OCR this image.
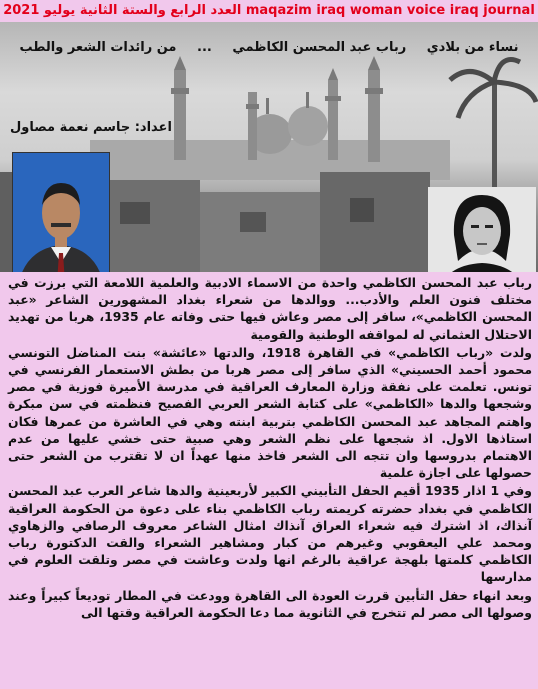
العدد الرابع والستة الثانية يوليو 2021 maqazim iraq woman voice iraq journal
نساء من بلادي رباب عبد المحسن الكاظمي ... من رائدات الشعر والطب
اعداد: جاسم نعمة مصاول

رباب عبد المحسن الكاظمي واحدة من الاسماء الادبية والعلمية اللامعة التي برزت في مختلف فنون العلم والأدب... ووالدها من شعراء بغداد المشهورين الشاعر «عبد المحسن الكاظمي»، سافر إلى مصر وعاش فيها حتى وفاته عام 1935، هربا من تهديد الاحتلال العثماني له لمواقفه الوطنية والقومية

ولدت «رباب الكاظمي» في القاهرة 1918، والدتها «عائشة» بنت المناضل التونسي محمود أحمد الحسيني» الذي سافر إلى مصر هربا من بطش الاستعمار الفرنسي في تونس. تعلمت على نفقة وزارة المعارف العراقية في مدرسة الأميرة فوزية في مصر وشجعها والدها «الكاظمي» على كتابة الشعر العربي الفصيح فنظمته في سن مبكرة واهتم المجاهد عبد المحسن الكاظمي بتربية ابنته وهي في العاشرة من عمرها فكان استاذها الاول. اذ شجعها على نظم الشعر وهي صبية حتى خشي عليها من عدم الاهتمام بدروسها وان تتجه الى الشعر فاخذ منها عهداً ان لا تقترب من الشعر حتى حصولها على اجازة علمية

وفي 1 اذار 1935 أقيم الحفل التأبيني الكبير لأربعينية والدها شاعر العرب عبد المحسن الكاظمي في بغداد حضرته كريمته رباب الكاظمي بناء على دعوة من الحكومة العراقية آنذاك، اذ اشترك فيه شعراء العراق آنذاك امثال الشاعر معروف الرصافي والزهاوي ومحمد علي اليعقوبي وغيرهم من كبار ومشاهير الشعراء والقت الدكتورة رباب الكاظمي كلمتها بلهجة عراقية بالرغم انها ولدت وعاشت في مصر وتلقت العلوم في مدارسها

وبعد انهاء حفل التأبين قررت العودة الى القاهرة وودعت في المطار توديعاً كبيراً وعند وصولها الى مصر لم تتخرج في الثانوية مما دعا الحكومة العراقية وقتها الى
